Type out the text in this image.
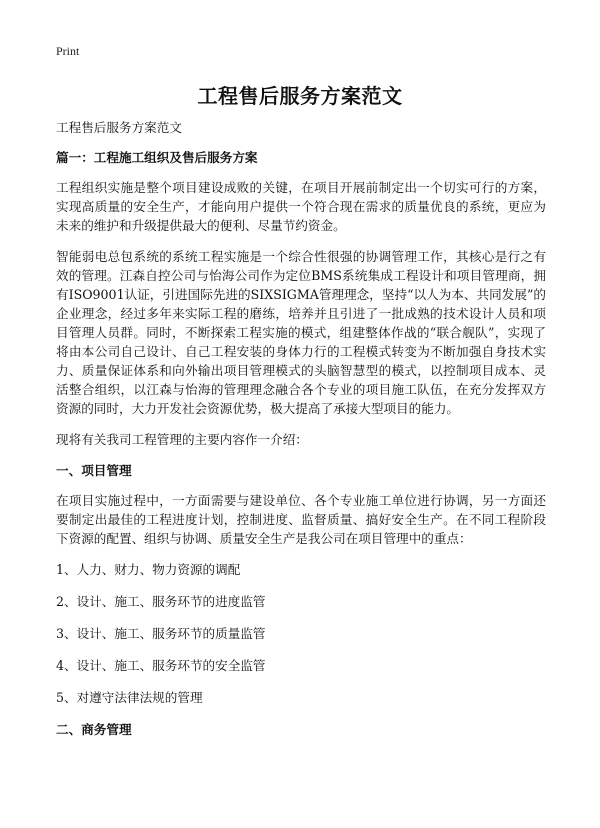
Print
工程售后服务方案范文

工程售后服务方案范文

篇一：工程施工组织及售后服务方案

工程组织实施是整个项目建设成败的关键，在项目开展前制定出一个切实可行的方案，实现高质量的安全生产，才能向用户提供一个符合现在需求的质量优良的系统，更应为未来的维护和升级提供最大的便利、尽量节约资金。

智能弱电总包系统的系统工程实施是一个综合性很强的协调管理工作，其核心是行之有效的管理。江森自控公司与怡海公司作为定位BMS系统集成工程设计和项目管理商，拥有ISO9001认证，引进国际先进的SIXSIGMA管理理念，坚持“以人为本、共同发展”的企业理念，经过多年来实际工程的磨练，培养并且引进了一批成熟的技术设计人员和项目管理人员群。同时，不断探索工程实施的模式，组建整体作战的“联合舰队”，实现了将由本公司自己设计、自己工程安装的身体力行的工程模式转变为不断加强自身技术实力、质量保证体系和向外输出项目管理模式的头脑智慧型的模式，以控制项目成本、灵活整合组织，以江森与怡海的管理理念融合各个专业的项目施工队伍，在充分发挥双方资源的同时，大力开发社会资源优势，极大提高了承接大型项目的能力。

现将有关我司工程管理的主要内容作一介绍：

一、项目管理

在项目实施过程中，一方面需要与建设单位、各个专业施工单位进行协调，另一方面还要制定出最佳的工程进度计划，控制进度、监督质量、搞好安全生产。在不同工程阶段下资源的配置、组织与协调、质量安全生产是我公司在项目管理中的重点：

1、人力、财力、物力资源的调配

2、设计、施工、服务环节的进度监管

3、设计、施工、服务环节的质量监管

4、设计、施工、服务环节的安全监管

5、对遵守法律法规的管理

二、商务管理
